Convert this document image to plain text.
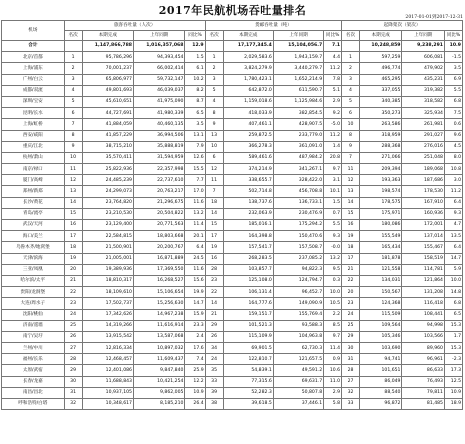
2017年民航机场吞吐量排名
2017-01-01到2017-12-31
机场	旅客吞吐量（人次）				货邮吞吐量（吨）				起降架次（架次）			
	名次	本期完成	上年同期	同比%	名次	本期完成	上年同期	同比%	名次	本期完成	上年同期	同比%
合计		1,147,866,788	1,016,357,068	12.9		17,177,345.4	15,104,056.7	7.1		10,248,859	9,238,291	10.9
北京/首都	1	95,786,296	94,393,454	1.5	1	2,029,583.6	1,943,159.7	4.4	1	597,259	606,081	-1.5
上海/浦东	2	70,001,237	66,002,414	6.1	2	3,824,279.9	3,440,279.7	11.2	2	496,774	479,902	3.5
广州/白云	3	65,806,977	59,732,147	10.2	3	1,780,423.1	1,652,214.9	7.8	3	465,295	435,231	6.9
成都/双流	4	49,801,693	46,039,037	8.2	5	642,872.0	611,590.7	5.1	4	337,055	319,382	5.5
深圳/宝安	5	45,610,651	41,975,090	8.7	4	1,159,018.6	1,125,984.6	2.9	5	340,385	318,582	6.8
昆明/长水	6	44,727,691	41,980,339	6.5	8	418,033.9	382,854.5	9.2	6	350,273	325,934	7.5
上海/虹桥	7	41,884,059	40,460,135	3.5	9	407,461.1	428,907.5	-5.0	10	263,586	261,981	0.6
西安/咸阳	8	41,857,229	36,994,506	13.1	13	259,872.5	233,779.0	11.2	8	318,959	291,027	9.6
重庆/江北	9	38,715,210	35,888,819	7.9	10	366,278.3	361,091.0	1.4	9	288,368	276,016	4.5
杭州/萧山	10	35,570,411	31,594,959	12.6	6	589,461.6	487,984.2	20.8	7	271,066	251,048	8.0
南京/禄口	11	25,822,936	22,357,998	15.5	12	374,214.9	341,267.1	9.7	11	209,394	189,068	10.8
厦门/高崎	12	24,485,239	22,737,610	7.7	11	338,655.7	328,422.0	3.1	12	193,363	187,686	3.0
郑州/新郑	13	24,299,073	20,763,217	17.0	7	502,714.8	456,708.8	10.1	13	198,574	178,530	11.2
长沙/黄花	14	23,764,820	21,296,675	11.6	18	138,737.6	136,733.1	1.5	14	178,575	167,910	6.4
青岛/流亭	15	23,210,530	20,504,822	13.2	14	232,063.9	230,476.9	0.7	15	175,971	160,936	9.3
武汉/天河	16	23,129,400	20,771,563	11.4	15	185,016.1	175,294.2	5.5	16	180,086	172,001	4.7
海口/美兰	17	22,584,815	18,803,668	20.1	17	164,398.8	150,470.6	9.3	19	155,549	137,014	13.5
乌鲁木齐/地窝堡	18	21,500,901	20,200,767	6.4	19	157,541.7	157,508.7	-0.0	18	165,434	155,467	6.4
天津/滨海	19	21,005,001	16,871,889	24.5	16	268,283.5	237,085.2	13.2	17	181,878	158,519	14.7
三亚/凤凰	20	19,389,936	17,369,550	11.6	28	103,857.7	94,822.3	9.5	21	121,558	114,781	5.9
哈尔滨/太平	21	18,810,317	16,268,527	15.6	23	125,108.0	124,794.7	0.3	22	134,031	121,864	10.0
贵阳/龙洞堡	22	18,109,610	15,106,654	19.9	22	106,131.4	96,452.7	10.0	20	150,567	131,208	14.8
大连/周水子	23	17,502,737	15,256,630	14.7	14	164,777.6	149,090.9	10.5	23	124,368	116,418	6.8
沈阳/桃仙	24	17,342,626	14,967,238	15.9	21	159,151.7	155,769.4	2.2	24	115,509	108,441	6.5
济南/遥墙	25	14,319,266	11,616,914	23.3	29	101,521.3	93,588.3	8.5	25	109,564	94,998	15.3
南宁/吴圩	26	13,915,542	13,587,068	2.4	26	115,109.9	104,963.8	9.7	29	105,346	103,566	1.7
兰州/中川	27	12,816,334	10,897,032	17.6	34	69,901.5	62,730.3	11.4	30	103,690	89,960	15.3
福州/长乐	28	12,468,457	11,609,437	7.4	24	122,810.7	121,657.5	0.9	31	94,741	96,961	-2.3
太原/武宿	29	12,401,086	9,847,840	25.9	35	54,839.1	49,591.2	10.6	28	101,651	86,633	17.3
长春/龙嘉	30	11,688,843	10,421,254	12.2	33	77,315.6	69,631.7	11.0	27	86,049	76,493	12.5
南昌/昌北	31	10,937,105	9,862,005	10.9	39	52,282.3	50,807.8	2.9	32	88,540	79,811	10.9
呼和浩特/白塔	32	10,348,617	8,185,210	26.4	38	39,618.5	37,446.1	5.8	33	96,872	81,485	18.9
